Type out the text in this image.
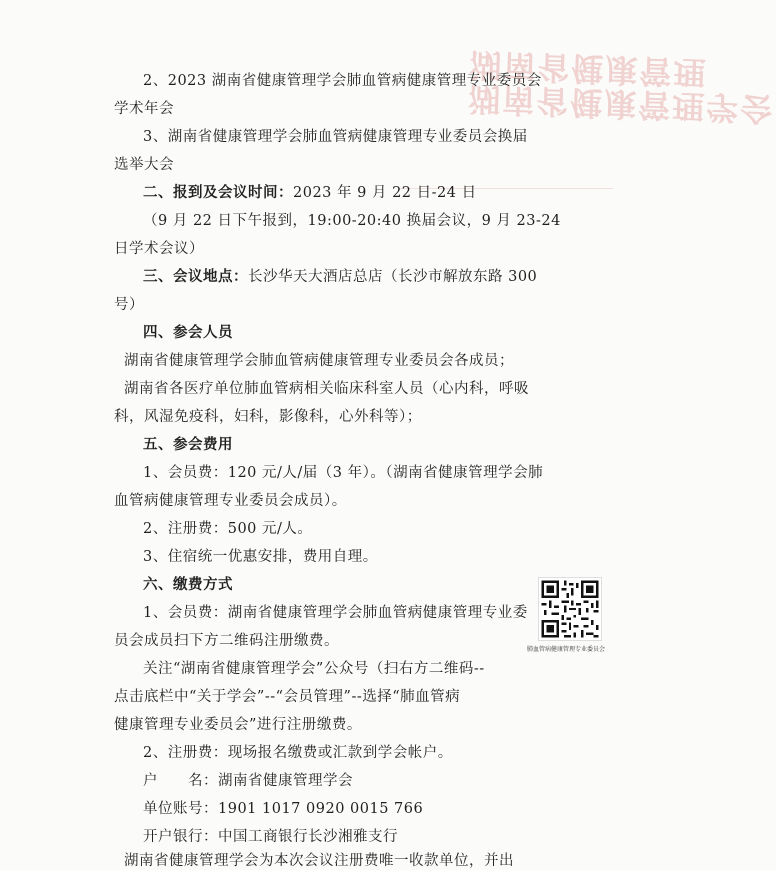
湖南省健康管理学会
湖南省健康管理
2、2023 湖南省健康管理学会肺血管病健康管理专业委员会
学术年会
3、湖南省健康管理学会肺血管病健康管理专业委员会换届
选举大会
二、报到及会议时间：2023 年 9 月 22 日-24 日
（9 月 22 日下午报到，19:00-20:40 换届会议，9 月 23-24
日学术会议）
三、会议地点：长沙华天大酒店总店（长沙市解放东路 300
号）
四、参会人员
湖南省健康管理学会肺血管病健康管理专业委员会各成员；
湖南省各医疗单位肺血管病相关临床科室人员（心内科，呼吸
科，风湿免疫科，妇科，影像科，心外科等）；
五、参会费用
1、会员费：120 元/人/届（3 年）。（湖南省健康管理学会肺
血管病健康管理专业委员会成员）。
2、注册费：500 元/人。
3、住宿统一优惠安排，费用自理。
六、缴费方式
1、会员费：湖南省健康管理学会肺血管病健康管理专业委
员会成员扫下方二维码注册缴费。
关注“湖南省健康管理学会”公众号（扫右方二维码--
点击底栏中“关于学会”--“会员管理”--选择“肺血管病
健康管理专业委员会”进行注册缴费。
2、注册费：现场报名缴费或汇款到学会帐户。
户　　名：湖南省健康管理学会
单位账号：1901 1017 0920 0015 766
开户银行：中国工商银行长沙湘雅支行
湖南省健康管理学会为本次会议注册费唯一收款单位，并出
肺血管病健康管理专业委员会
